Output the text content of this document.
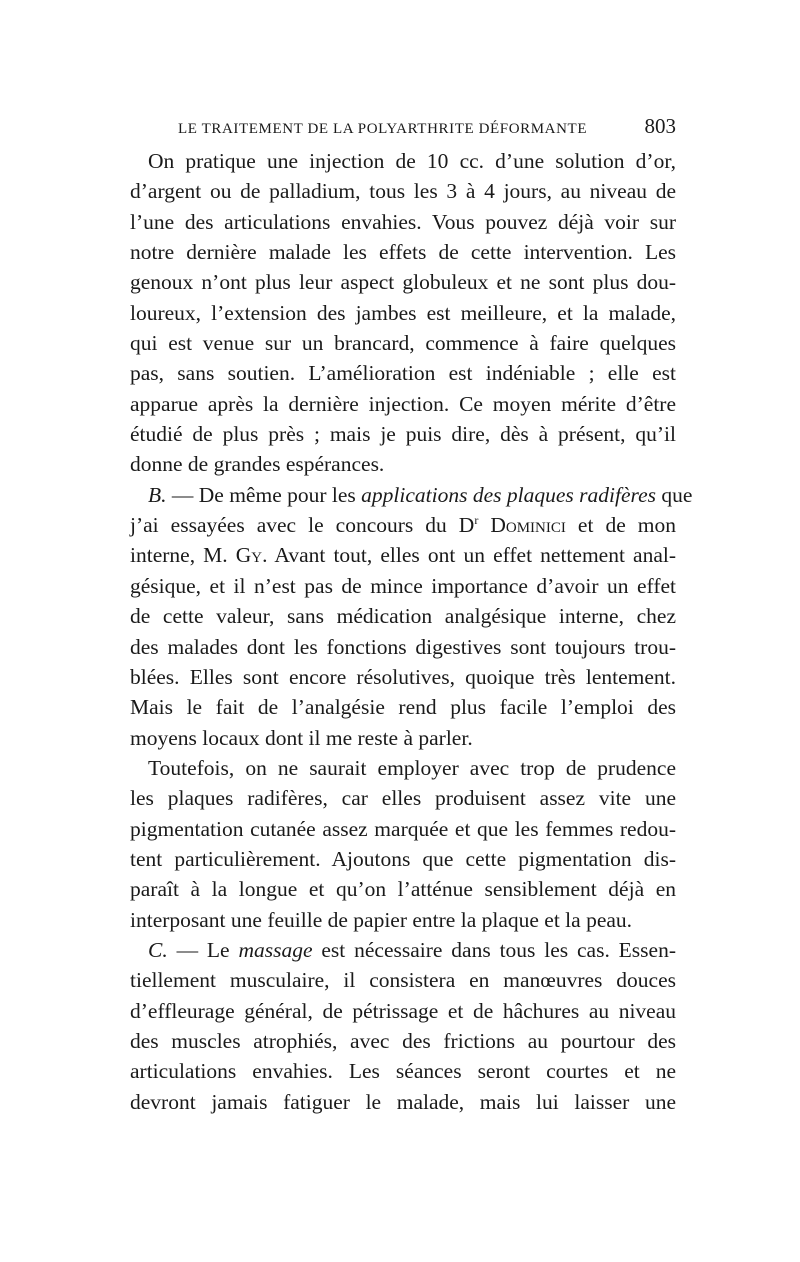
LE TRAITEMENT DE LA POLYARTHRITE DÉFORMANTE	803
On pratique une injection de 10 cc. d’une solution d’or,
d’argent ou de palladium, tous les 3 à 4 jours, au niveau de
l’une des articulations envahies. Vous pouvez déjà voir sur
notre dernière malade les effets de cette intervention. Les
genoux n’ont plus leur aspect globuleux et ne sont plus dou-
loureux, l’extension des jambes est meilleure, et la malade,
qui est venue sur un brancard, commence à faire quelques
pas, sans soutien. L’amélioration est indéniable ; elle est
apparue après la dernière injection. Ce moyen mérite d’être
étudié de plus près ; mais je puis dire, dès à présent, qu’il
donne de grandes espérances.
B. — De même pour les applications des plaques radifères que
j’ai essayées avec le concours du $D^r$ Dominici et de mon
interne, M. Gy. Avant tout, elles ont un effet nettement anal-
gésique, et il n’est pas de mince importance d’avoir un effet
de cette valeur, sans médication analgésique interne, chez
des malades dont les fonctions digestives sont toujours trou-
blées. Elles sont encore résolutives, quoique très lentement.
Mais le fait de l’analgésie rend plus facile l’emploi des
moyens locaux dont il me reste à parler.
Toutefois, on ne saurait employer avec trop de prudence
les plaques radifères, car elles produisent assez vite une
pigmentation cutanée assez marquée et que les femmes redou-
tent particulièrement. Ajoutons que cette pigmentation dis-
paraît à la longue et qu’on l’atténue sensiblement déjà en
interposant une feuille de papier entre la plaque et la peau.
C. — Le massage est nécessaire dans tous les cas. Essen-
tiellement musculaire, il consistera en manœuvres douces
d’effleurage général, de pétrissage et de hâchures au niveau
des muscles atrophiés, avec des frictions au pourtour des
articulations envahies. Les séances seront courtes et ne
devront jamais fatiguer le malade, mais lui laisser une
